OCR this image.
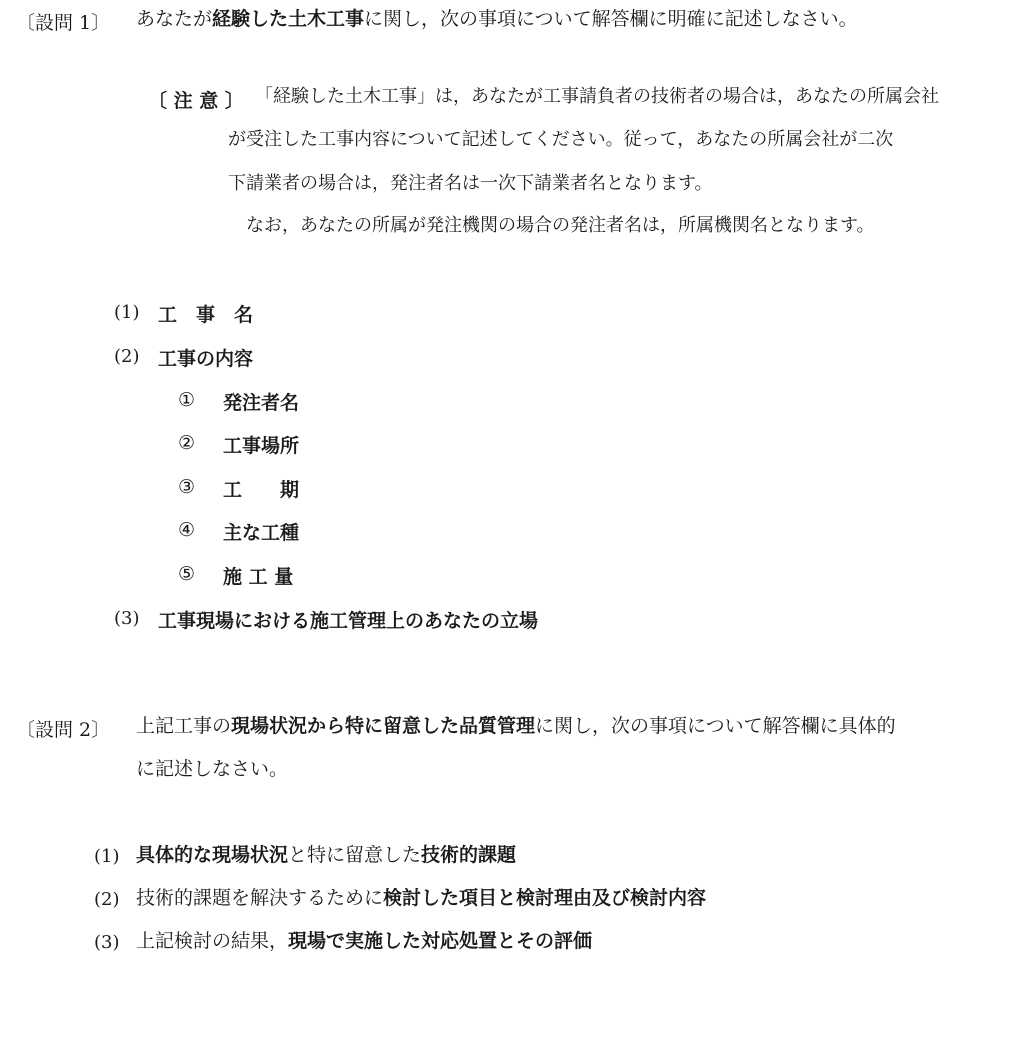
〔設問 1〕 あなたが経験した土木工事に関し，次の事項について解答欄に明確に記述しなさい。
〔 注 意 〕 「経験した土木工事」は，あなたが工事請負者の技術者の場合は，あなたの所属会社
が受注した工事内容について記述してください。従って，あなたの所属会社が二次
下請業者の場合は，発注者名は一次下請業者名となります。
なお，あなたの所属が発注機関の場合の発注者名は，所属機関名となります。
(1) 工　事　名
(2) 工事の内容
① 発注者名
② 工事場所
③ 工　　期
④ 主な工種
⑤ 施 工 量
(3) 工事現場における施工管理上のあなたの立場
〔設問 2〕 上記工事の現場状況から特に留意した品質管理に関し，次の事項について解答欄に具体的
に記述しなさい。
(1) 具体的な現場状況と特に留意した技術的課題
(2) 技術的課題を解決するために検討した項目と検討理由及び検討内容
(3) 上記検討の結果，現場で実施した対応処置とその評価
